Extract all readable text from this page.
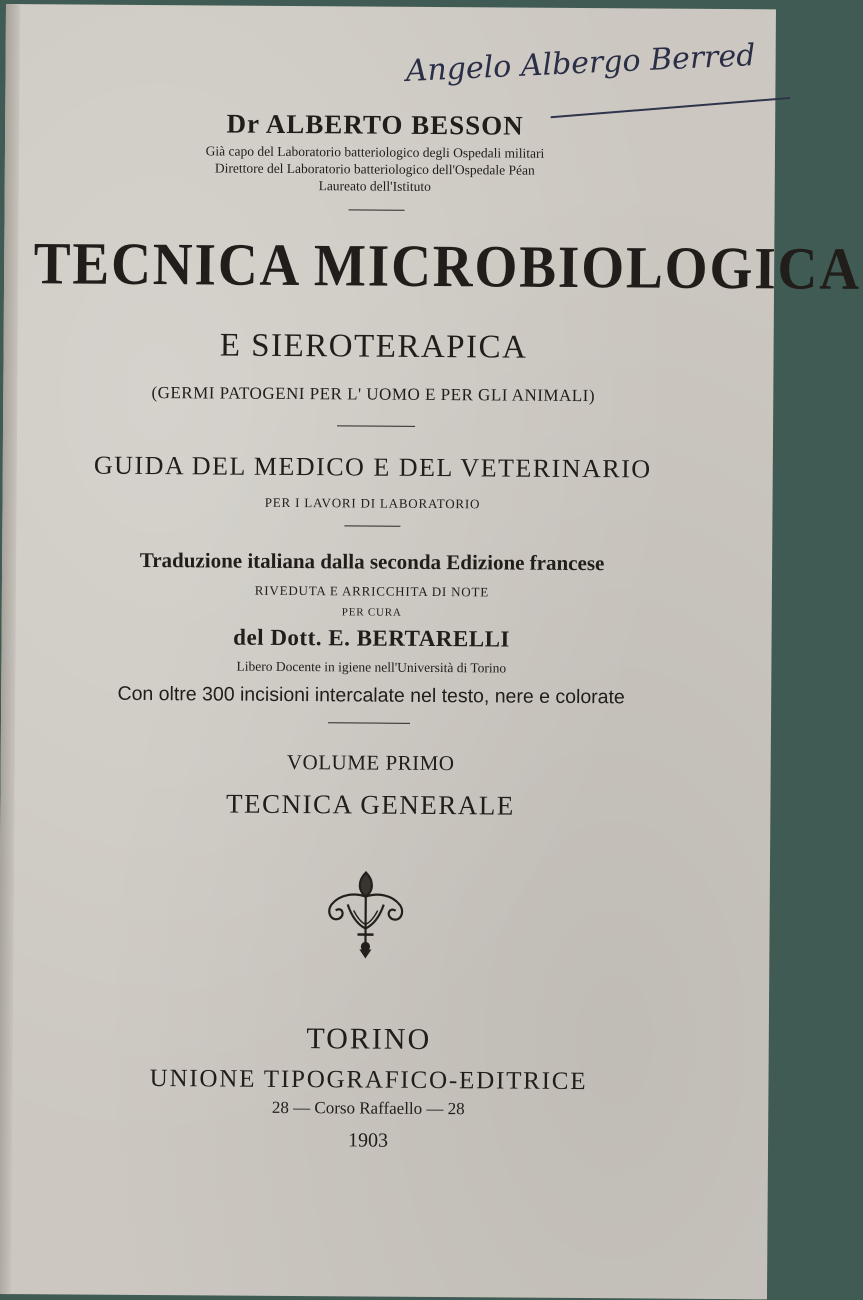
Angelo Albergo Berred
Dr ALBERTO BESSON
Già capo del Laboratorio batteriologico degli Ospedali militari
Direttore del Laboratorio batteriologico dell'Ospedale Péan
Laureato dell'Istituto
TECNICA MICROBIOLOGICA
E SIEROTERAPICA
(GERMI PATOGENI PER L' UOMO E PER GLI ANIMALI)
GUIDA DEL MEDICO E DEL VETERINARIO
PER I LAVORI DI LABORATORIO
Traduzione italiana dalla seconda Edizione francese
RIVEDUTA E ARRICCHITA DI NOTE
PER CURA
del Dott. E. BERTARELLI
Libero Docente in igiene nell'Università di Torino
Con oltre 300 incisioni intercalate nel testo, nere e colorate
VOLUME PRIMO
TECNICA GENERALE
TORINO
UNIONE TIPOGRAFICO-EDITRICE
28 — Corso Raffaello — 28
1903
